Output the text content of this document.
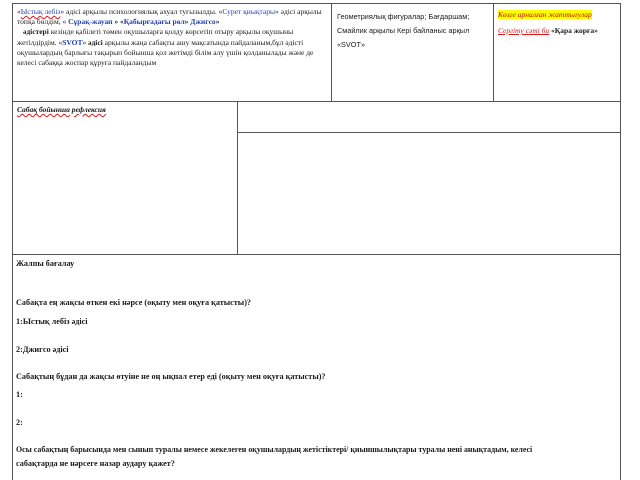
«Ыстық лебіз» әдісі арқылы психологиялық ахуал туғызылды. «Сурет қиықтары» әдісі арқылы топқа бөлдім, « Сұрақ-жауап » «Қабырғадағы рөл» Джигсо»
әдістері кезінде қабілеті төмен оқушыларға қолду көрсетіп отыру арқылы оқушыны жетілдірдім. «SVOT» әдісі арқылы жаңа сабақты ашу мақсатында пайдаланым,бұл әдісті оқушылардың барлығы тақырып бойынша қол жетімді білім алу үшін қолданылады және де келесі сабаққа жоспар құруға пайдаландым
Геометриялық фигуралар; Бағдаршам;
Смайлик арқылы Кері байланыс арқыл
«SVOT»
Көзге арналған жаттығулар
Сергіту сәті би «Қара жорға»
Сабақ бойынша рефлексия
Жалпы бағалау
Сабақта ең жақсы өткен екі нәрсе (оқыту мен оқуға қатысты)?
1:Ыстық лебіз әдісі
2:Джигсо әдісі
Сабақтың бұдан да жақсы өтуіне не оң ықпал етер еді (оқыту мен оқуға қатысты)?
1:
2:
Осы сабақтың барысында мен сынып туралы немесе жекелеген оқушылардың жетістіктері/ қиыншылықтары туралы нені анықтадым, келесі
сабақтарда не нәрсеге назар аудару қажет?
